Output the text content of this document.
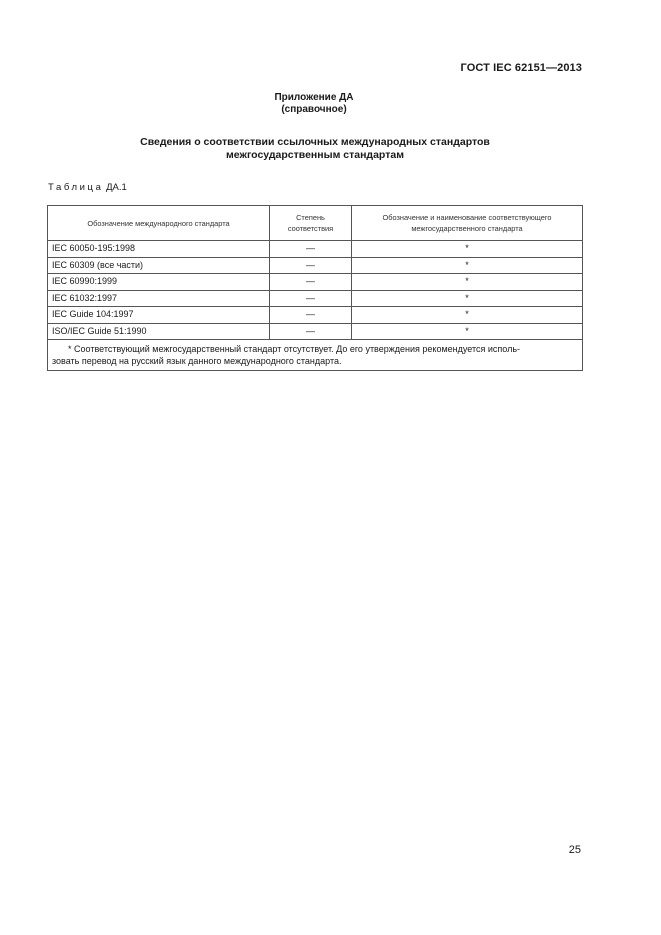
ГОСТ IEC 62151—2013
Приложение ДА
(справочное)
Сведения о соответствии ссылочных международных стандартов
межгосударственным стандартам
Таблица ДА.1
Обозначение международного стандарта	Степень соответствия	Обозначение и наименование соответствующего межгосударственного стандарта
IEC 60050-195:1998	—	*
IEC 60309 (все части)	—	*
IEC 60990:1999	—	*
IEC 61032:1997	—	*
IEC Guide 104:1997	—	*
ISO/IEC Guide 51:1990	—	*

* Соответствующий межгосударственный стандарт отсутствует. До его утверждения рекомендуется исполь-
зовать перевод на русский язык данного международного стандарта.		
25
